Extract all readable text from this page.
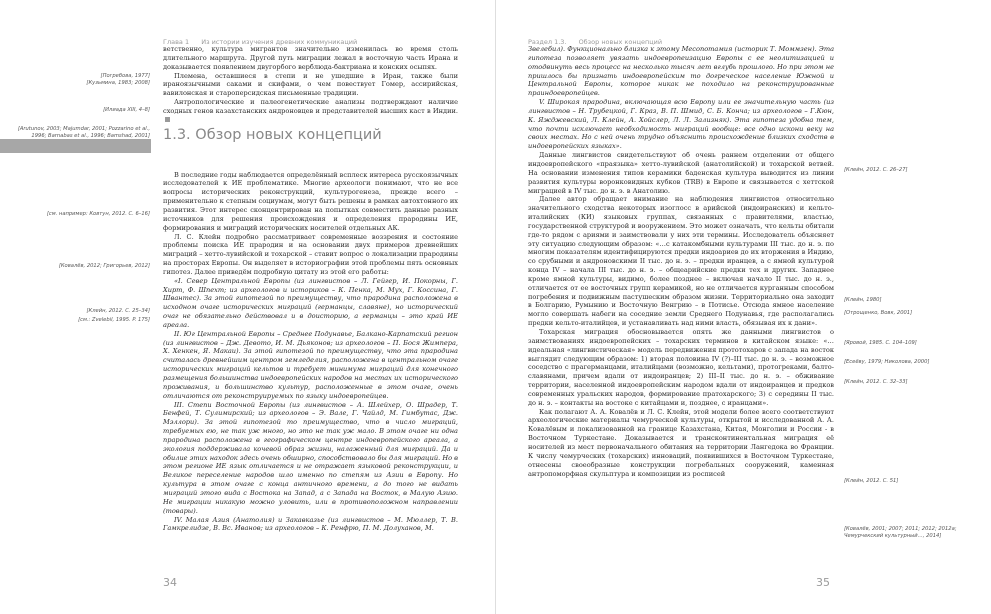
Глава 1 Из истории изучения древних коммуникаций
[Погребова, 1977]
[Кузьмина, 1983; 2008]
[Илиада XIII, 4–8]
[Arutunov, 2003; Majumdar, 2001; Pozzarino et al., 1996; Barnabas et al., 1996; Bamshad, 2001]
[см. например: Ковтун, 2012. С. 6–16]
[Ковалёв, 2012; Григорьев, 2012]
[Клейн, 2012. С. 25–34]
[см.: Zvelebil, 1995. P. 175]

ветственно, культура мигрантов значительно изменилась во время столь длительного маршрута. Другой путь миграции лежал в восточную часть Ирана и доказывается появлением двугорбого верблюда-бактриана и конских осыпях.

Племена, оставшиеся в степи и не ушедшие в Иран, также были ираноязычными саками и скифами, о чем повествует Гомер, ассирийская, вавилонская и староперсидская письменные традиции.

Антропологические и палеогенетические анализы подтверждают наличие сходных генов казахстанских андроновцев и представителей высших каст в Индии.

1.3. Обзор новых концепций

В последние годы наблюдается определённый всплеск интереса русскоязычных исследователей к ИЕ проблематике. Многие археологи понимают, что не все вопросы исторических реконструкций, культурогенеза, прежде всего – применительно к степным социумам, могут быть решены в рамках автохтонного их развития. Этот интерес сконцентрирован на попытках совместить данные разных источников для решения происхождения и определения прародины ИЕ, формирования и миграций исторических носителей отдельных АК.

Л. С. Клейн подробно рассматривает современные воззрения и состояние проблемы поиска ИЕ прародин и на основании двух примеров древнейших миграций – хетто-лувийской и тохарской – ставит вопрос о локализации прародины на просторах Европы. Он выделяет в историографии этой проблемы пять основных гипотез. Далее приведём подробную цитату из этой его работы:

«I. Север Центральной Европы (из лингвистов – Л. Гейгер, И. Покорны, Г. Хирт, Ф. Шпехт; из археологов и историков – К. Пенка, М. Мух, Г. Коссина, Г. Швантес). За этой гипотезой по преимуществу, что прародина расположена в исходном очаге исторических миграций (германцы, славяне), но исторический очаг не обязательно действовал и в доисторию, а германцы – это край ИЕ ареала.

II. Юг Центральной Европы – Среднее Подунавье, Балкано-Карпатский регион (из лингвистов – Дж. Девото, И. М. Дьяконов; из археологов – П. Бося Жимпера, Х. Хенкен, Я. Макаи). За этой гипотезой по преимуществу, что эта прародина считалась древнейшим центром земледелия, расположена в центральном очаге исторических миграций кельтов и требует минимума миграций для конечного размещения большинства индоевропейских народов на местах их исторического проживания, и большинство культур, расположенные в этом очаге, очень отличаются от реконструируемых по языку индоевропейцев.

III. Степи Восточной Европы (из лингвистов – А. Шлейхер, О. Шрадер, Т. Бенфей, Т. Сулимирский; из археологов – Э. Вале, Г. Чайлд, М. Гимбутас, Дж. Мэллори). За этой гипотезой то преимущество, что в число миграций, требуемых ею, не так уж много, но это не так уж мало. В этом очаге ни одна прародина расположена в географическом центре индоевропейского ареала, а экология поддерживала кочевой образ жизни, налаженный для миграций. Да и обилие этих находок здесь очень обширно, способствовало бы для миграций. Но в этом регионе ИЕ язык отличается и не отражает языковой реконструкции, и Великое переселение народов шло именно по степям из Азии в Европу. Но культура в этом очаге с конца античного времени, а до того не видать миграций этого вида с Востока на Запад, а с Запада на Восток, в Малую Азию. Не миграции никакую можно уловить, или в противоположном направлении (товары).

IV. Малая Азия (Анатолия) и Закавказье (из лингвистов – М. Мюллер, Т. В. Гамкрелидзе, В. Вс. Иванов; из археологов – К. Ренфрю, П. М. Долуханов, М.

34
Раздел 1.3. Обзор новых концепций

Звелебил). Функционально близка к этому Месопотамия (историк Т. Моммзен). Эта гипотеза позволяет увязать индоевропеизацию Европы с ее неолитизацией и отодвинуть весь процесс на несколько тысяч лет вглубь прошлого. Но при этом не пришлось бы признать индоевропейским то догреческое население Южной и Центральной Европы, которое никак не походило на реконструированные праиндоевропейцев.

V. Широкая прародина, включающая всю Европу или ее значительную часть (из лингвистов – Н. Трубецкой, Г. Краз, В. П. Шмид, С. Б. Конча; из археологов – Г.Кюн, К. Яжджевский, Л. Клейн, А. Хойслер, Л. Л. Зализняк). Эта гипотеза удобна тем, что почти исключает необходимость миграций вообще: все одно искони веку на своих местах. Но с ней очень трудно объяснить происхождение близких сходств в индоевропейских языках».

Данные лингвистов свидетельствуют об очень раннем отделении от общего индоевропейского «праязыка» хетто-лувийской (анатолийской) и тохарской ветвей. На основании изменения типов керамики баденская культура выводится из линии развития культуры воронковидных кубков (TRB) в Европе и связывается с хеттской миграцией в IV тыс. до н. э. в Анатолию.

Далее автор обращает внимание на наблюдения лингвистов относительно значительного сходства некоторых изоглосс в арийской (индоиранских) и кельто-италийских (КИ) языковых группах, связанных с правителями, властью, государственной структурой и вооружением. Это может означать, что кельты обитали где-то рядом с ариями и заимствовали у них эти термины. Исследователь объясняет эту ситуацию следующим образом: «…с катакомбными культурами III тыс. до н. э. по многим показателям идентифицируются предки индоариев до их вторжения в Индию, со срубными и андроновскими II тыс. до н. э. – предки иранцев, а с ямной культурой конца IV – начала III тыс. до н. э. – общеарийские предки тех и других. Западнее кроме ямной культуры, видимо, более позднее – включая начало II тыс. до н. э., отличается от ее восточных групп керамикой, но не отличается курганным способом погребения и подвижным пастушеским образом жизни. Территориально она заходит в Болгарию, Румынию и Восточную Венгрию – в Потисье. Отсюда ямное население могло совершать набеги на соседние земли Среднего Подунавья, где располагались предки кельто-италийцев, и устанавливать над ними власть, обязывая их к дани».

Тохарская миграция обосновывается опять же данными лингвистов о заимствованиях индоевропейских – тохарских терминов в китайском языке: «…идеальная «лингвистическая» модель передвижения прототохаров с запада на восток выглядит следующим образом: 1) вторая половина IV (?)–III тыс. до н. э. – возможное соседство с прагерманцами, италийцами (возможно, кельтами), протогреками, балто-славянами, причем вдали от индоиранцев; 2) III–II тыс. до н. э. – обживание территории, населенной индоевропейским народом вдали от индоиранцев и предков современных уральских народов, формирование пратохарского; 3) с середины II тыс. до н. э. – контакты на востоке с китайцами и, позднее, с иранцами».

Как полагают А. А. Ковалёв и Л. С. Клейн, этой модели более всего соответствуют археологические материалы чемурческой культуры, открытой и исследованной А. А. Ковалёвым и локализованной на границе Казахстана, Китая, Монголии и России - в Восточном Туркестане. Доказывается и трансконтинентальная миграция её носителей из мест первоначального обитания на территории Лангедока во Франции. К числу чемурческих (тохарских) инноваций, появившихся в Восточном Туркестане, отнесены своеобразные конструкции погребальных сооружений, каменная антропоморфная скульптура и композиции из росписей

[Клейн, 2012. С. 26–27]
[Клейн, 1980]
[Отрощенко, Вовк, 2001]
[Яровой, 1985. С. 104–109]
[Есеёву, 1979; Николова, 2000]
[Клейн, 2012. С. 32–33]
[Клейн, 2012. С. 51]
[Ковалёв, 2001; 2007; 2011; 2012; 2012а; Чемурчекский культурный…, 2014]
35
